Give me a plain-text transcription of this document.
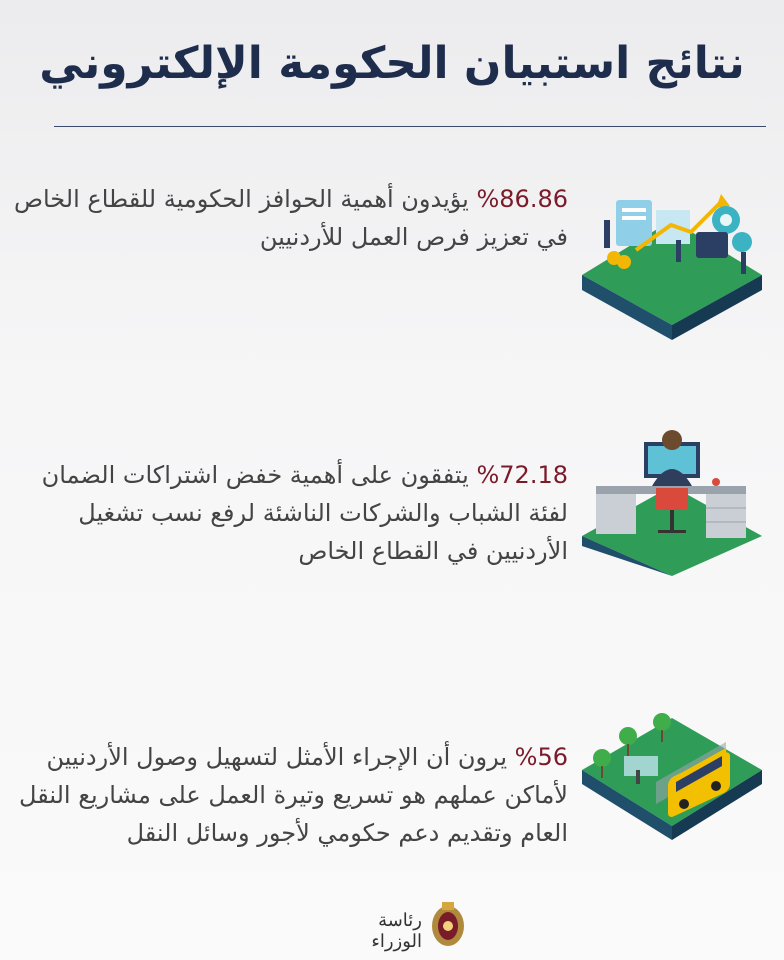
نتائج استبيان الحكومة الإلكتروني
%86.86 يؤيدون أهمية الحوافز الحكومية للقطاع الخاص في تعزيز فرص العمل للأردنيين
%72.18 يتفقون على أهمية خفض اشتراكات الضمان لفئة الشباب والشركات الناشئة لرفع نسب تشغيل الأردنيين في القطاع الخاص
%56 يرون أن الإجراء الأمثل لتسهيل وصول الأردنيين لأماكن عملهم هو تسريع وتيرة العمل على مشاريع النقل العام وتقديم دعم حكومي لأجور وسائل النقل
رئاسة الوزراء
